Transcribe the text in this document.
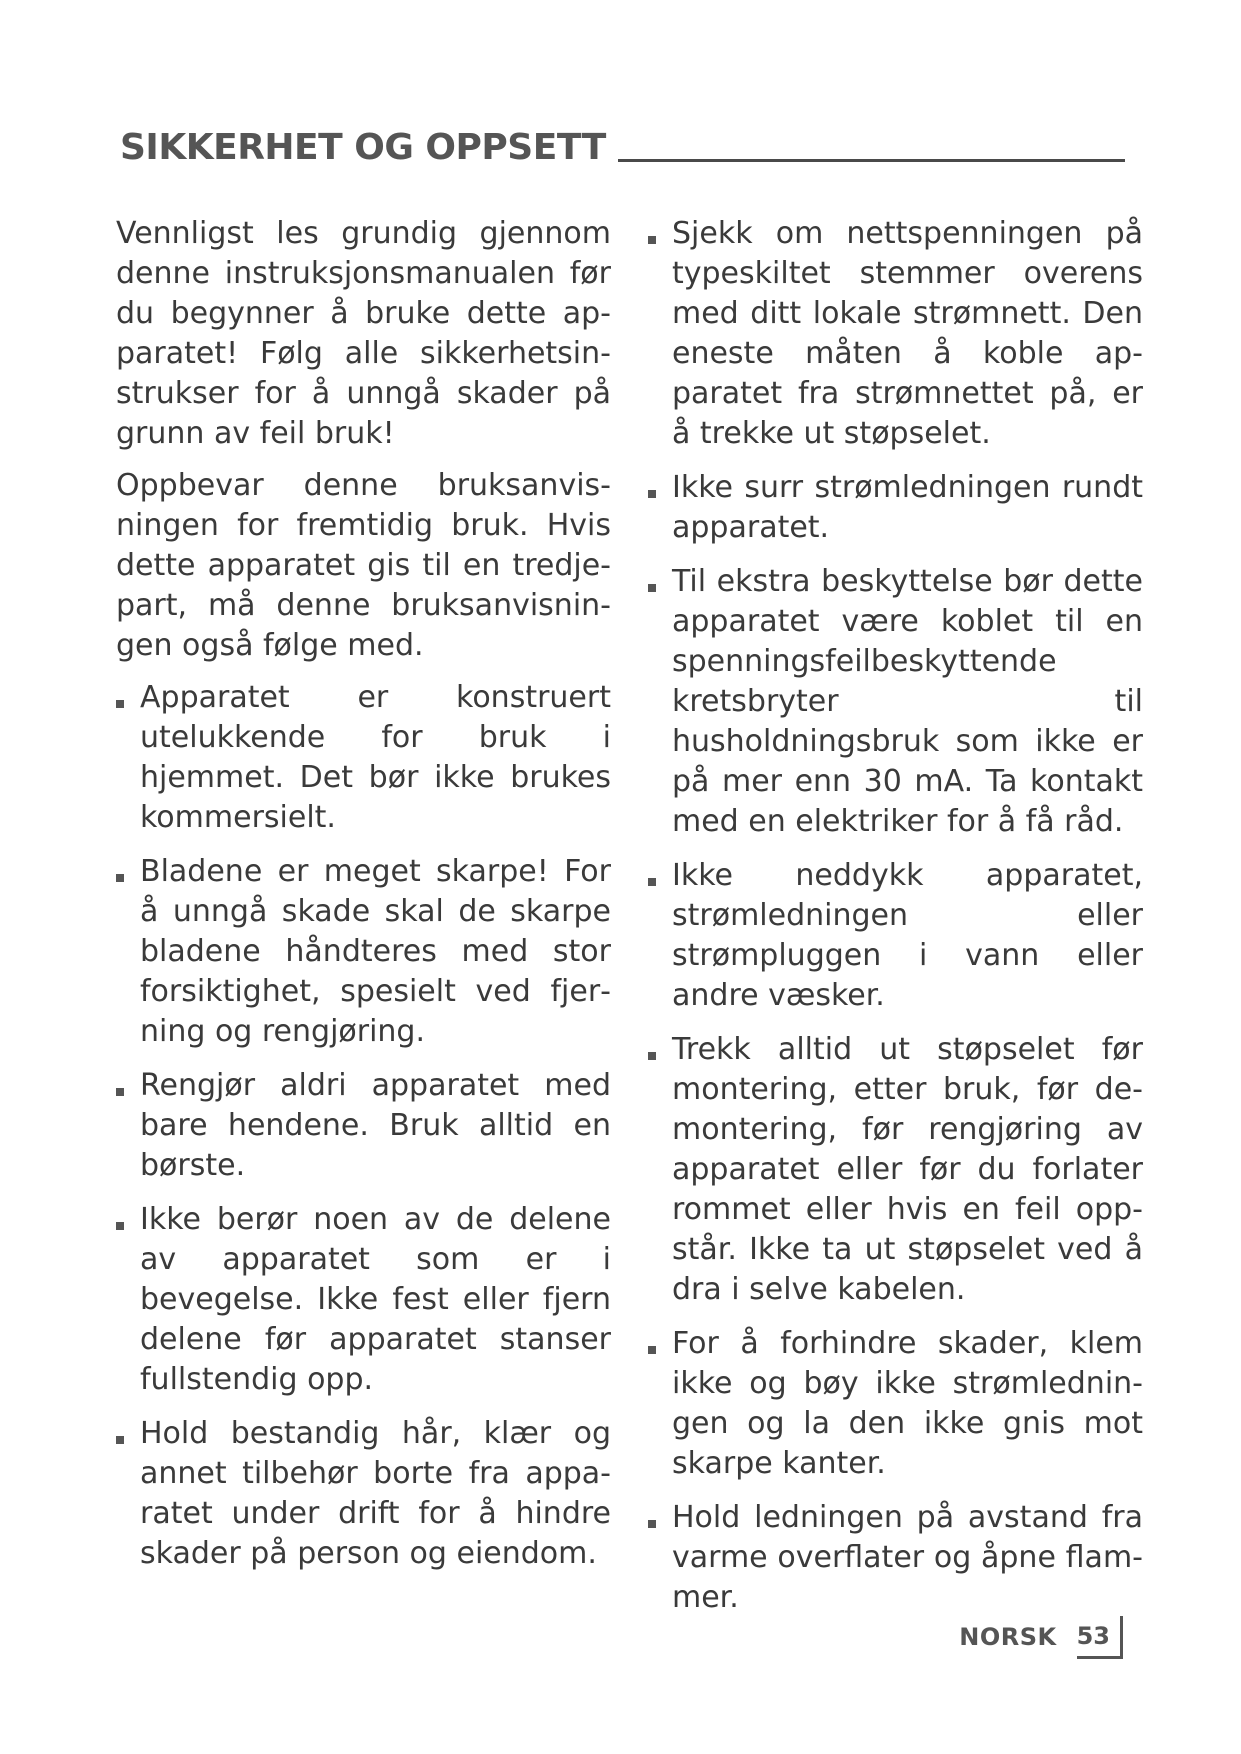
SIKKERHET OG OPPSETT

Vennligst les grundig gjennom denne instruksjonsmanualen før du begynner å bruke dette apparatet! Følg alle sikkerhetsinstrukser for å unngå skader på grunn av feil bruk!

Oppbevar denne bruksanvisningen for fremtidig bruk. Hvis dette apparatet gis til en tredjepart, må denne bruksanvisningen også følge med.

Apparatet er konstruert utelukkende for bruk i hjemmet. Det bør ikke brukes kommersielt.
Bladene er meget skarpe! For å unngå skade skal de skarpe bladene håndteres med stor forsiktighet, spesielt ved fjerning og rengjøring.
Rengjør aldri apparatet med bare hendene. Bruk alltid en børste.
Ikke berør noen av de delene av apparatet som er i bevegelse. Ikke fest eller fjern delene før apparatet stanser fullstendig opp.
Hold bestandig hår, klær og annet tilbehør borte fra apparatet under drift for å hindre skader på person og eiendom.
Sjekk om nettspenningen på typeskiltet stemmer overens med ditt lokale strømnett. Den eneste måten å koble apparatet fra strømnettet på, er å trekke ut støpselet.
Ikke surr strømledningen rundt apparatet.
Til ekstra beskyttelse bør dette apparatet være koblet til en spenningsfeilbeskyttende kretsbryter til husholdningsbruk som ikke er på mer enn 30 mA. Ta kontakt med en elektriker for å få råd.
Ikke neddykk apparatet, strømledningen eller strømpluggen i vann eller andre væsker.
Trekk alltid ut støpselet før montering, etter bruk, før demontering, før rengjøring av apparatet eller før du forlater rommet eller hvis en feil oppstår. Ikke ta ut støpselet ved å dra i selve kabelen.
For å forhindre skader, klem ikke og bøy ikke strømledningen og la den ikke gnis mot skarpe kanter.
Hold ledningen på avstand fra varme overflater og åpne flammer.
NORSK 53
